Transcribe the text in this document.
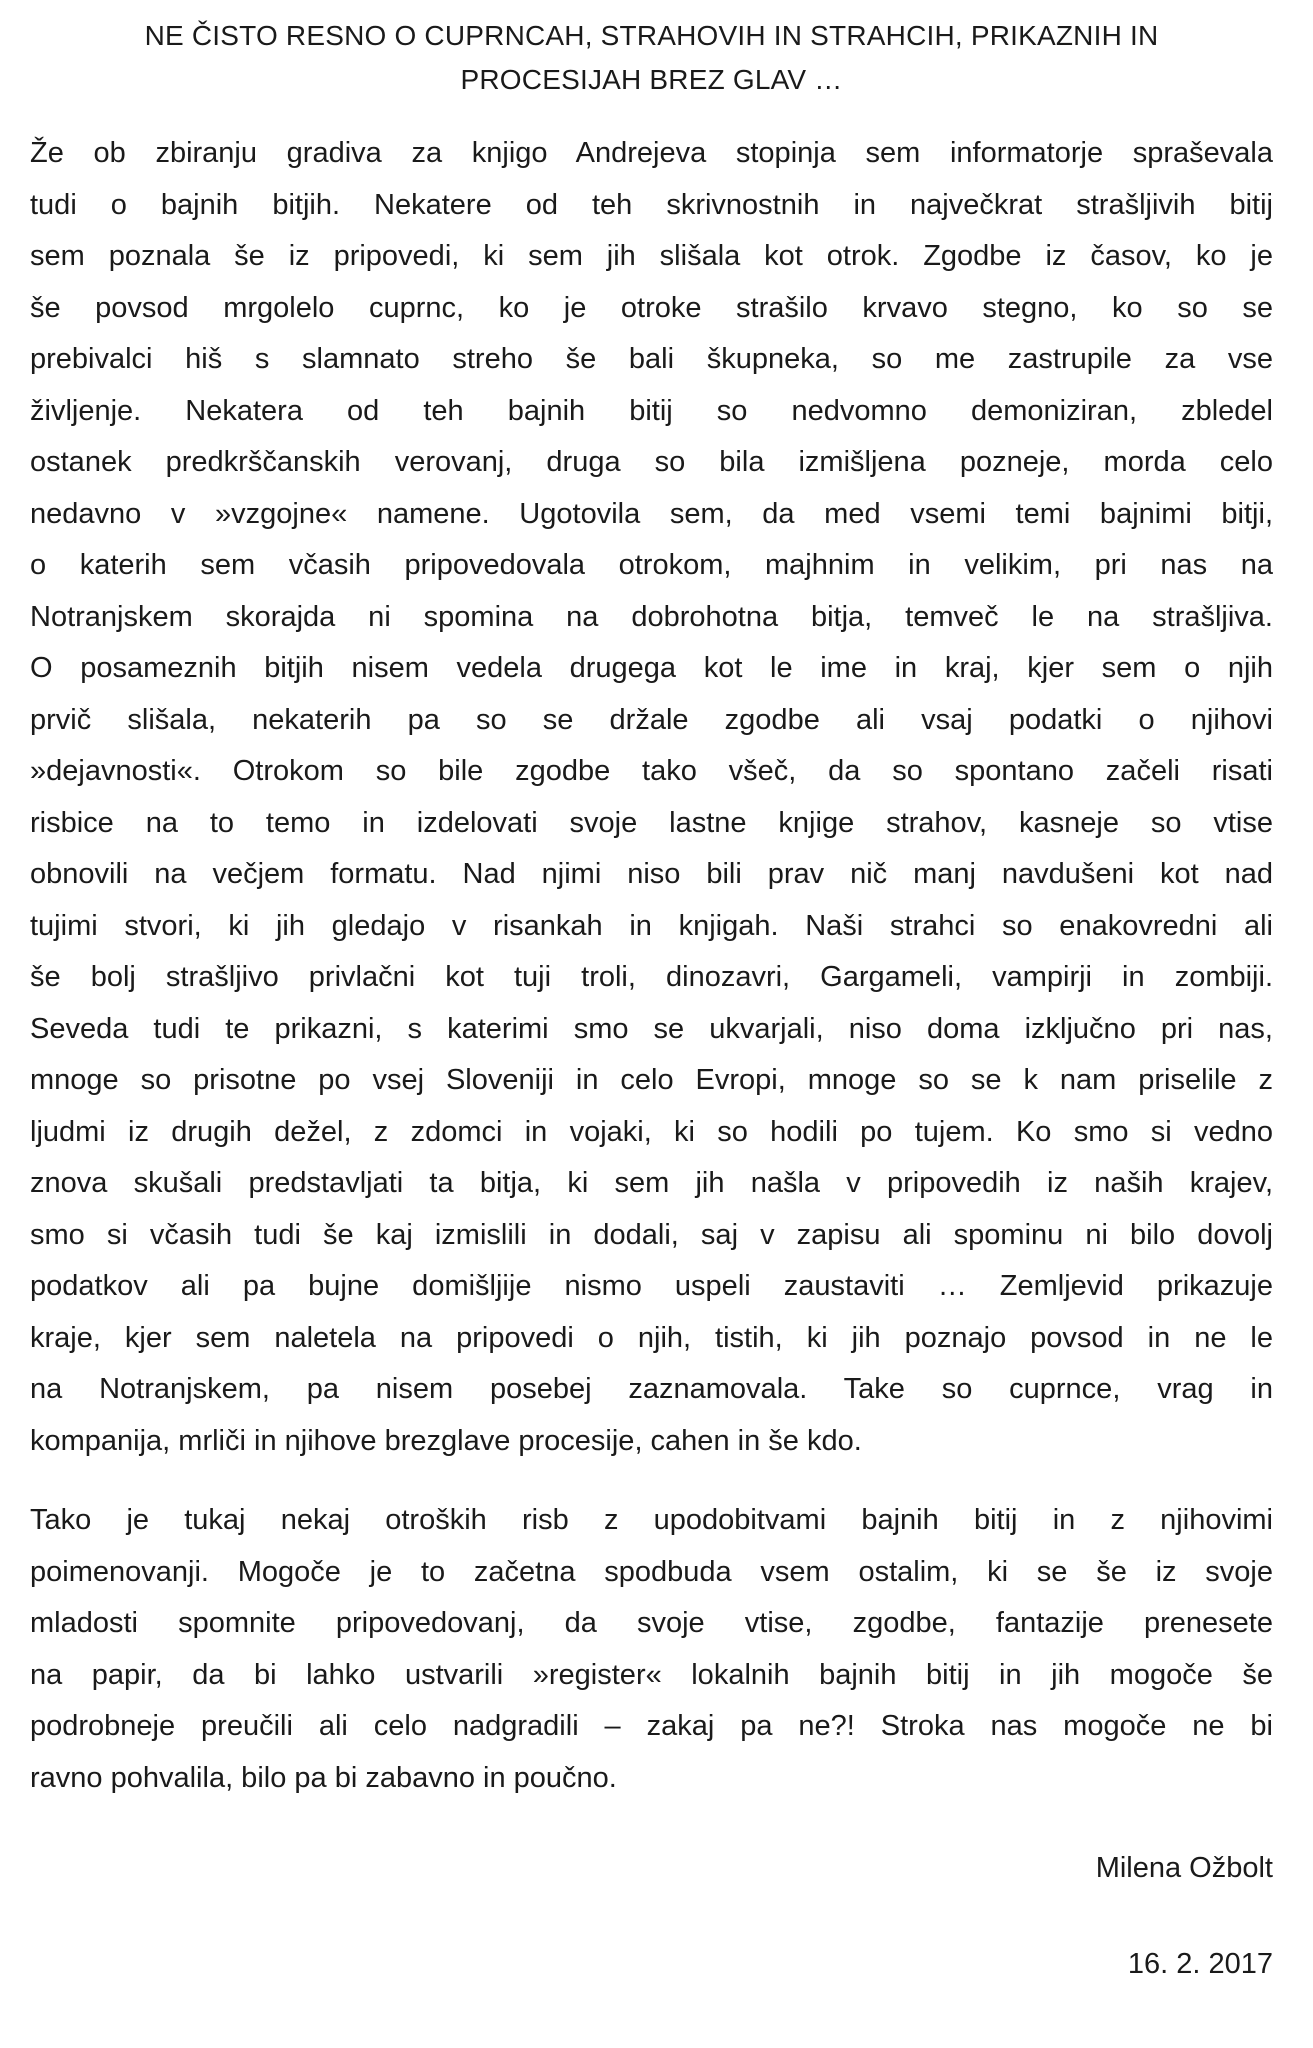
NE ČISTO RESNO O CUPRNCAH, STRAHOVIH IN STRAHCIH, PRIKAZNIH IN
PROCESIJAH BREZ GLAV …
Že ob zbiranju gradiva za knjigo Andrejeva stopinja sem informatorje spraševala
tudi o bajnih bitjih. Nekatere od teh skrivnostnih in največkrat strašljivih bitij
sem poznala še iz pripovedi, ki sem jih slišala kot otrok. Zgodbe iz časov, ko je
še povsod mrgolelo cuprnc, ko je otroke strašilo krvavo stegno, ko so se
prebivalci hiš s slamnato streho še bali škupneka, so me zastrupile za vse
življenje. Nekatera od teh bajnih bitij so nedvomno demoniziran, zbledel
ostanek predkrščanskih verovanj, druga so bila izmišljena pozneje, morda celo
nedavno v »vzgojne« namene. Ugotovila sem, da med vsemi temi bajnimi bitji,
o katerih sem včasih pripovedovala otrokom, majhnim in velikim, pri nas na
Notranjskem skorajda ni spomina na dobrohotna bitja, temveč le na strašljiva.
O posameznih bitjih nisem vedela drugega kot le ime in kraj, kjer sem o njih
prvič slišala, nekaterih pa so se držale zgodbe ali vsaj podatki o njihovi
»dejavnosti«. Otrokom so bile zgodbe tako všeč, da so spontano začeli risati
risbice na to temo in izdelovati svoje lastne knjige strahov, kasneje so vtise
obnovili na večjem formatu. Nad njimi niso bili prav nič manj navdušeni kot nad
tujimi stvori, ki jih gledajo v risankah in knjigah. Naši strahci so enakovredni ali
še bolj strašljivo privlačni kot tuji troli, dinozavri, Gargameli, vampirji in zombiji.
Seveda tudi te prikazni, s katerimi smo se ukvarjali, niso doma izključno pri nas,
mnoge so prisotne po vsej Sloveniji in celo Evropi, mnoge so se k nam priselile z
ljudmi iz drugih dežel, z zdomci in vojaki, ki so hodili po tujem. Ko smo si vedno
znova skušali predstavljati ta bitja, ki sem jih našla v pripovedih iz naših krajev,
smo si včasih tudi še kaj izmislili in dodali, saj v zapisu ali spominu ni bilo dovolj
podatkov ali pa bujne domišljije nismo uspeli zaustaviti … Zemljevid prikazuje
kraje, kjer sem naletela na pripovedi o njih, tistih, ki jih poznajo povsod in ne le
na Notranjskem, pa nisem posebej zaznamovala. Take so cuprnce, vrag in
kompanija, mrliči in njihove brezglave procesije, cahen in še kdo.
Tako je tukaj nekaj otroških risb z upodobitvami bajnih bitij in z njihovimi
poimenovanji. Mogoče je to začetna spodbuda vsem ostalim, ki se še iz svoje
mladosti spomnite pripovedovanj, da svoje vtise, zgodbe, fantazije prenesete
na papir, da bi lahko ustvarili »register« lokalnih bajnih bitij in jih mogoče še
podrobneje preučili ali celo nadgradili – zakaj pa ne?! Stroka nas mogoče ne bi
ravno pohvalila, bilo pa bi zabavno in poučno.
Milena Ožbolt
16. 2. 2017
